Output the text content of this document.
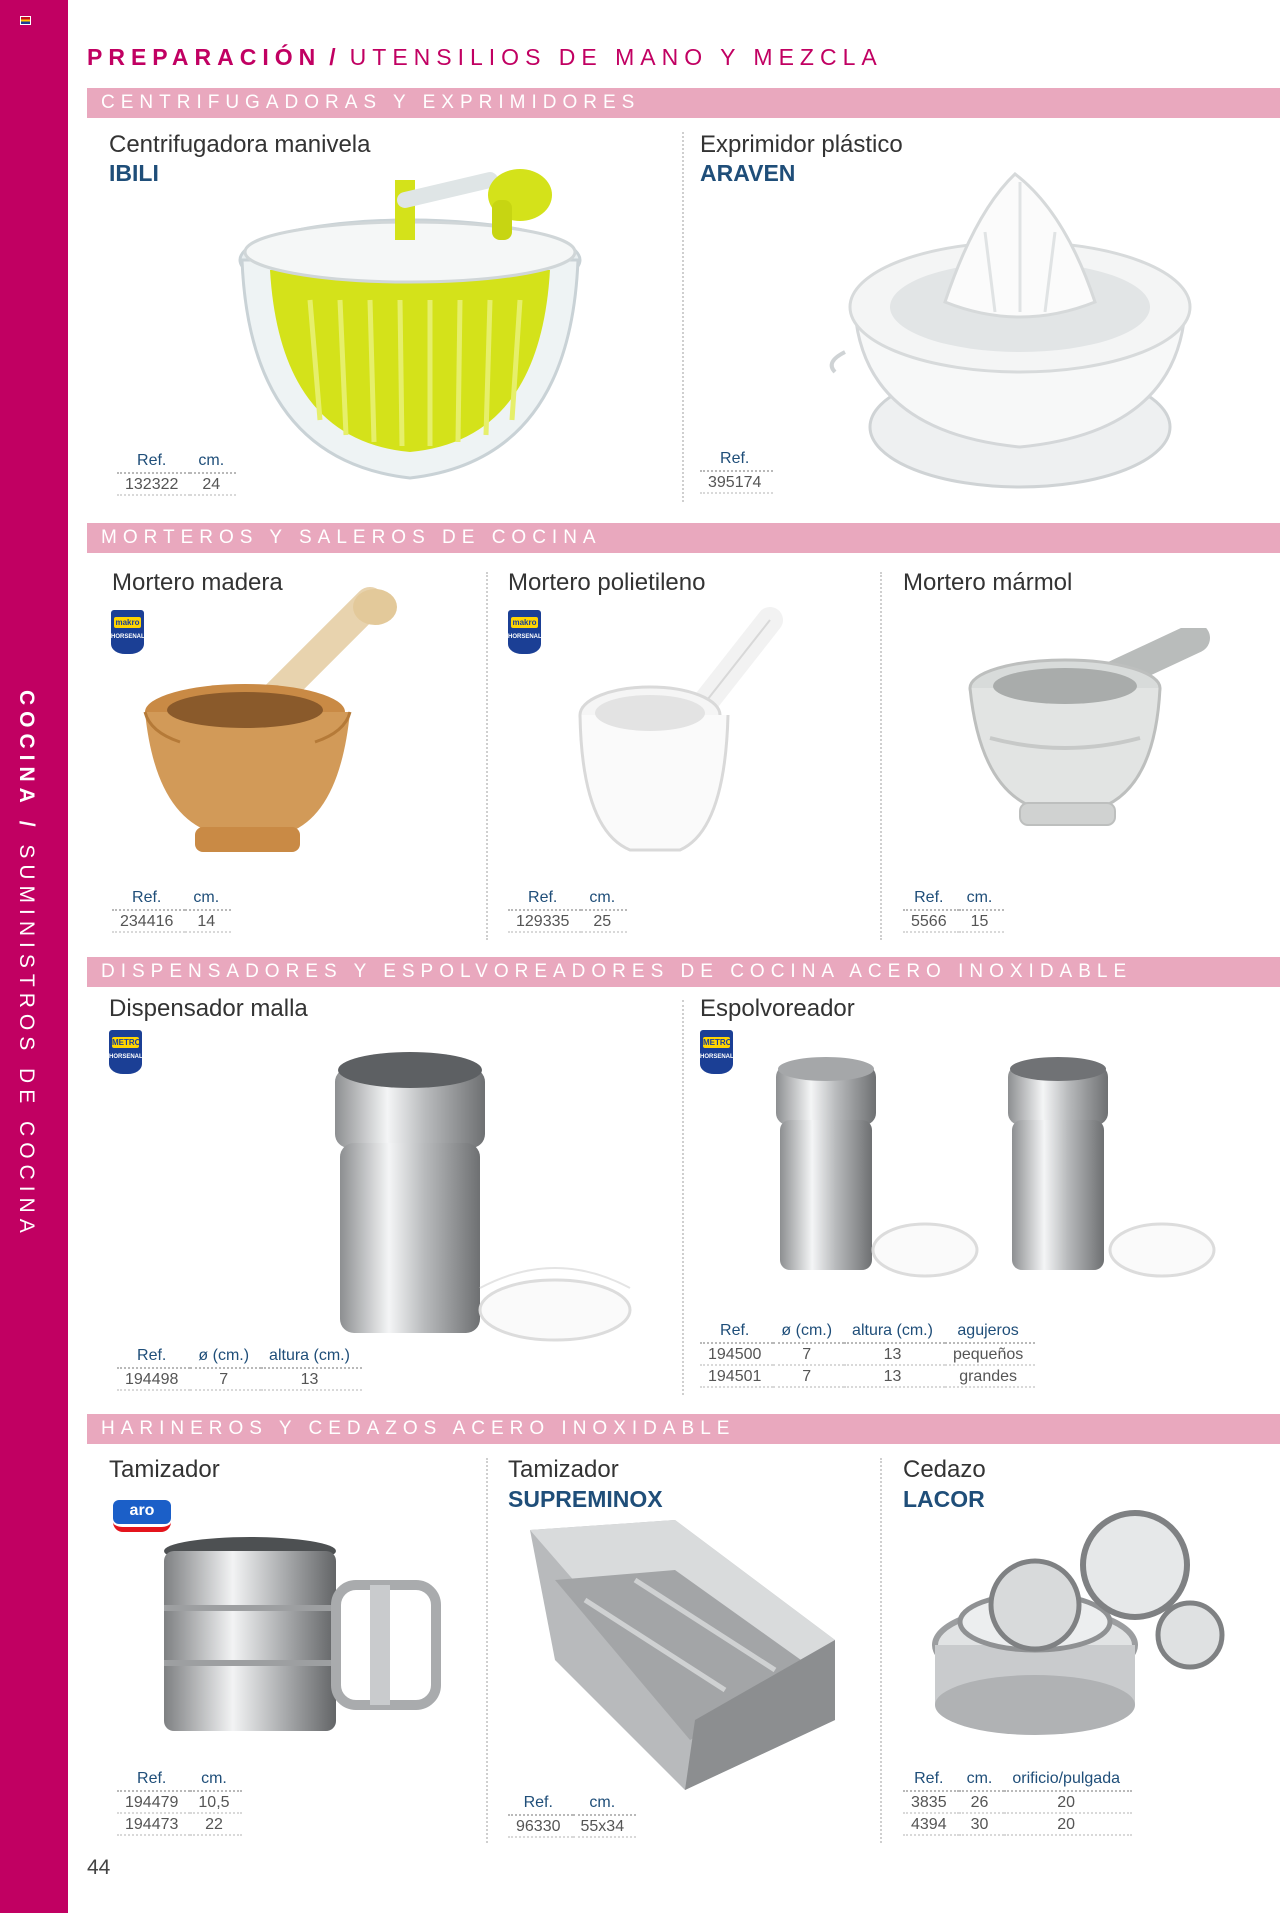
COCINA / SUMINISTROS DE COCINA
PREPARACIÓN / UTENSILIOS DE MANO Y MEZCLA
CENTRIFUGADORAS Y EXPRIMIDORES
Centrifugadora manivela
IBILI
Ref.	cm.
132322	24
Exprimidor plástico
ARAVEN
Ref.
395174
MORTEROS Y SALEROS DE COCINA
Mortero madera
makro
HORSENAL
Ref.	cm.
234416	14
Mortero polietileno
makro
HORSENAL
Ref.	cm.
129335	25
Mortero mármol
Ref.	cm.
5566	15
DISPENSADORES Y ESPOLVOREADORES DE COCINA ACERO INOXIDABLE
Dispensador malla
METRO
HORSENAL
Ref.	ø (cm.)	altura (cm.)
194498	7	13
Espolvoreador
METRO
HORSENAL
Ref.	ø (cm.)	altura (cm.)	agujeros
194500	7	13	pequeños
194501	7	13	grandes
HARINEROS Y CEDAZOS ACERO INOXIDABLE
Tamizador
aro
Ref.	cm.
194479	10,5
194473	22
Tamizador
SUPREMINOX
Ref.	cm.
96330	55x34
Cedazo
LACOR
Ref.	cm.	orificio/pulgada
3835	26	20
4394	30	20
44
